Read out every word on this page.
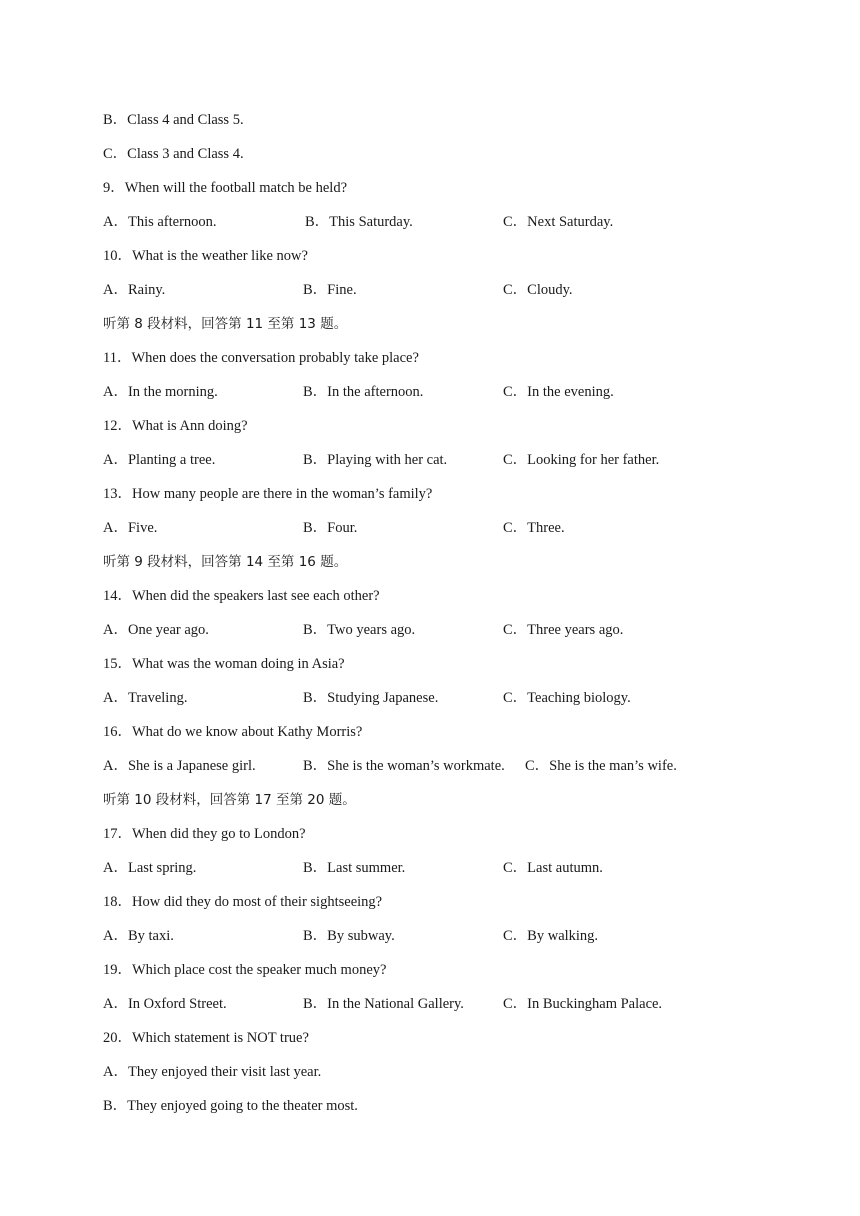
B．Class 4 and Class 5.
C．Class 3 and Class 4.
9．When will the football match be held?
A．This afternoon.	B．This Saturday.	C．Next Saturday.
10．What is the weather like now?
A．Rainy.	B．Fine.	C．Cloudy.
听第 8 段材料，回答第 11 至第 13 题。
11．When does the conversation probably take place?
A．In the morning.	B．In the afternoon.	C．In the evening.
12．What is Ann doing?
A．Planting a tree.	B．Playing with her cat.	C．Looking for her father.
13．How many people are there in the woman’s family?
A．Five.	B．Four.	C．Three.
听第 9 段材料，回答第 14 至第 16 题。
14．When did the speakers last see each other?
A．One year ago.	B．Two years ago.	C．Three years ago.
15．What was the woman doing in Asia?
A．Traveling.	B．Studying Japanese.	C．Teaching biology.
16．What do we know about Kathy Morris?
A．She is a Japanese girl.	B．She is the woman’s workmate. C．She is the man’s wife.
听第 10 段材料，回答第 17 至第 20 题。
17．When did they go to London?
A．Last spring.	B．Last summer.	C．Last autumn.
18．How did they do most of their sightseeing?
A．By taxi.	B．By subway.	C．By walking.
19．Which place cost the speaker much money?
A．In Oxford Street.	B．In the National Gallery.	C．In Buckingham Palace.
20．Which statement is NOT true?
A．They enjoyed their visit last year.
B．They enjoyed going to the theater most.
